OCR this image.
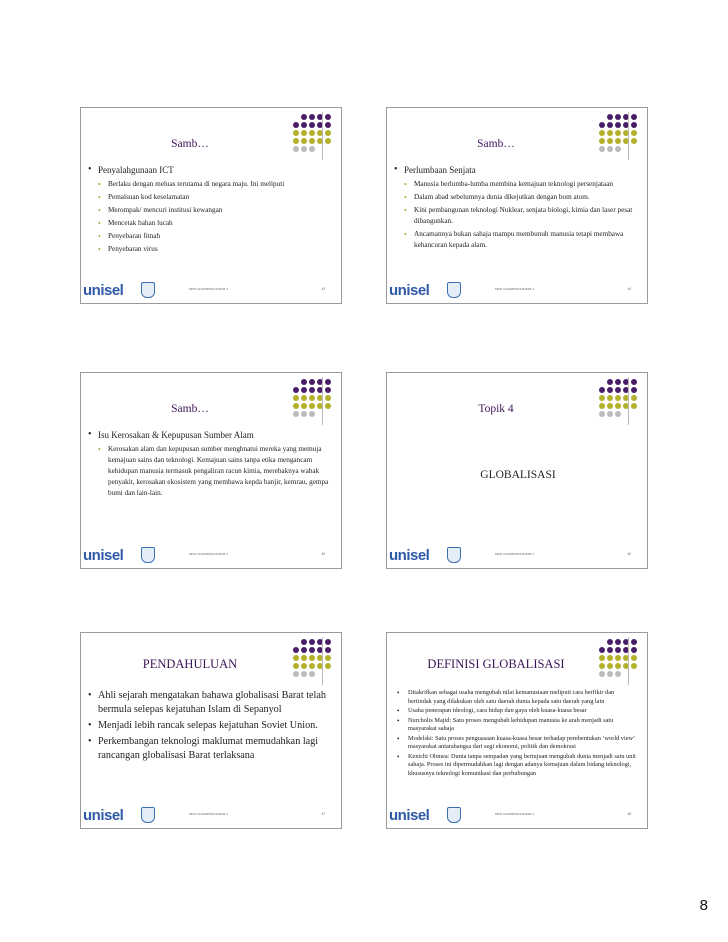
Samb…
• Penyalahgunaan ICT
• Berlaku dengan meluas terutama di negara maju. Ini meliputi
• Pemalsuan kod keselamatan
• Merompak/ mencuri institusi kewangan
• Mencetak bahan lucah
• Penyebaran fitnah
• Penyebaran virus
unisel	MPW 1143/MPW2143 BAB 4	43
Samb…
• Perlumbaan Senjata
• Manusia berlumba-lumba membina kemajuan teknologi persenjataan
• Dalam abad sebelumnya dunia dikejutkan dengan bom atom.
• Kini pembangunan teknologi Nuklear, senjata biologi, kimia dan laser pesat dibangunkan.
• Ancamannya bukan sahaja mampu membunuh manusia tetapi membawa kehancuran kepada alam.
unisel	MPW 1143/MPW2143 BAB 4	44
Samb…
• Isu Kerosakan & Kepupusan Sumber Alam
• Kerosakan alam dan kepupusan sumber menghnatui mereka yang memuja kemajuan sains dan teknologi. Kemajuan sains tanpa etika mengancam kehidupan manusia termasuk pengaliran racun kimia, merebaknya wabak penyakit, kerosakan ekosistem yang membawa kepda banjir, kemrau, gempa bumi dan lain-lain.
unisel	MPW 1143/MPW2143 BAB 4	45
Topik 4
GLOBALISASI
unisel	MPW 1143/MPW2143 BAB 4	46
PENDAHULUAN
• Ahli sejarah mengatakan bahawa globalisasi Barat telah bermula selepas kejatuhan Islam di Sepanyol
• Menjadi lebih rancak selepas kejatuhan Soviet Union.
• Perkembangan teknologi maklumat memudahkan lagi rancangan globalisasi Barat terlaksana
unisel	MPW 1143/MPW2143 BAB 4	47
DEFINISI GLOBALISASI
• Ditakrifkan sebagai usaha mengubah nilai kemanusiaan meliputi cara berfikir dan bertindak yang dilakukan oleh satu daerah dunia kepada satu daerah yang lain
• Usaha penerapan ideologi, cara hidup dan gaya oleh kuasa-kuasa besar
• Nurcholis Majid: Satu proses mengubah kehidupan manusia ke arah menjadi satu masyarakat sahaja
• Modelski: Satu proses penguasaan kuasa-kuasa besar terhadap pembentukan ‘world view’ masyarakat antarabangsa dari segi ekonomi, politik dan demokrasi
• Kenichi Ohmea: Dunia tanpa sempadan yang bertujuan mengubah dunia menjadi satu unit sahaja. Proses ini dipermudahkan lagi dengan adanya kemajuan dalam bidang teknologi, khususnya teknologi komunikasi dan perhubungan
unisel	MPW 1143/MPW2143 BAB 4	48
8
